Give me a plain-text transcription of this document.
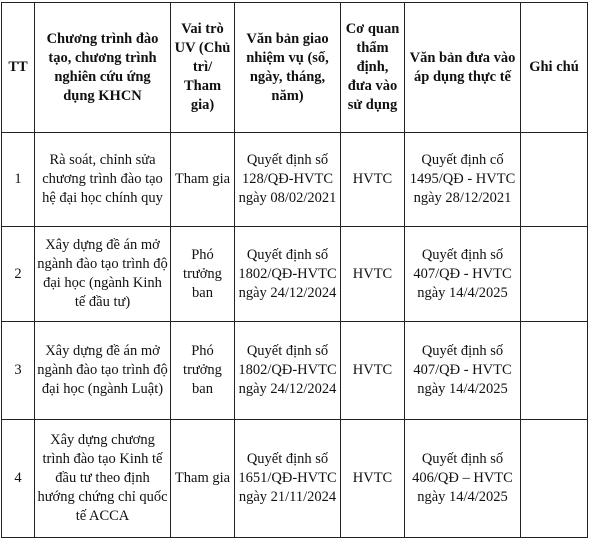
TT	Chương trình đào tạo, chương trình nghiên cứu ứng dụng KHCN	Vai trò UV (Chủ trì/ Tham gia)	Văn bản giao nhiệm vụ (số, ngày, tháng, năm)	Cơ quan thẩm định, đưa vào sử dụng	Văn bản đưa vào áp dụng thực tế	Ghi chú
1	Rà soát, chỉnh sửa chương trình đào tạo hệ đại học chính quy	Tham gia	Quyết định số 128/QĐ-HVTC ngày 08/02/2021	HVTC	Quyết định cố 1495/QĐ - HVTC ngày 28/12/2021	
2	Xây dựng đề án mở ngành đào tạo trình độ đại học (ngành Kinh tế đầu tư)	Phó trưởng ban	Quyết định số 1802/QĐ-HVTC ngày 24/12/2024	HVTC	Quyết định số 407/QĐ - HVTC ngày 14/4/2025	
3	Xây dựng đề án mở ngành đào tạo trình độ đại học (ngành Luật)	Phó trưởng ban	Quyết định số 1802/QĐ-HVTC ngày 24/12/2024	HVTC	Quyết định số 407/QĐ - HVTC ngày 14/4/2025	
4	Xây dựng chương trình đào tạo Kinh tế đầu tư theo định hướng chứng chỉ quốc tế ACCA	Tham gia	Quyết định số 1651/QĐ-HVTC ngày 21/11/2024	HVTC	Quyết định số 406/QĐ – HVTC ngày 14/4/2025	
